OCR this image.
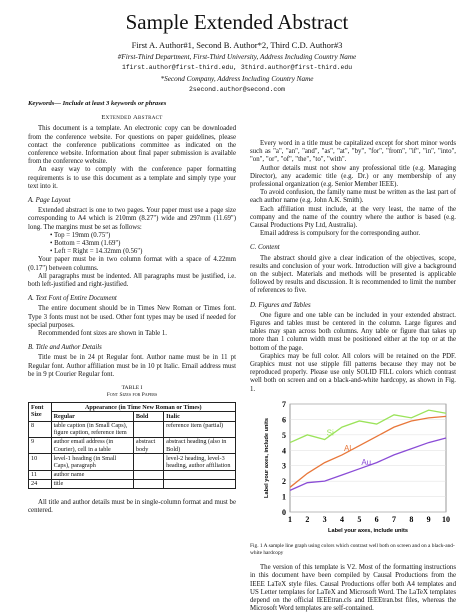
Sample Extended Abstract
First A. Author#1, Second B. Author*2, Third C.D. Author#3
#First-Third Department, First-Third University, Address Including Country Name
1first.author@first-third.edu, 3third.author@first-third.edu
*Second Company, Address Including Country Name
2second.author@second.com

Keywords— Include at least 3 keywords or phrases

Extended Abstract

This document is a template. An electronic copy can be downloaded from the conference website. For questions on paper guidelines, please contact the conference publications committee as indicated on the conference website. Information about final paper submission is available from the conference website.

An easy way to comply with the conference paper formatting requirements is to use this document as a template and simply type your text into it.

A. Page Layout

Extended abstract is one to two pages. Your paper must use a page size corresponding to A4 which is 210mm (8.27") wide and 297mm (11.69") long. The margins must be set as follows:

• Top = 19mm (0.75")
• Bottom = 43mm (1.69")
• Left = Right = 14.32mm (0.56")

Your paper must be in two column format with a space of 4.22mm (0.17") between columns.

All paragraphs must be indented. All paragraphs must be justified, i.e. both left-justified and right-justified.

A. Text Font of Entire Document

The entire document should be in Times New Roman or Times font. Type 3 fonts must not be used. Other font types may be used if needed for special purposes.

Recommended font sizes are shown in Table 1.

B. Title and Author Details

Title must be in 24 pt Regular font. Author name must be in 11 pt Regular font. Author affiliation must be in 10 pt Italic. Email address must be in 9 pt Courier Regular font.

TABLE I
Font Sizes for Papers
Font Size	Appearance (in Time New Roman or Times)		
	Regular	Bold	Italic
8	table caption (in Small Caps), figure caption, reference item		reference item (partial)
9	author email address (in Courier), cell in a table	abstract body	abstract heading (also in Bold)
10	level-1 heading (in Small Caps), paragraph		level-2 heading, level-3 heading, author affiliation
11	author name		
24	title		

All title and author details must be in single-column format and must be centered.

Every word in a title must be capitalized except for short minor words such as "a", "an", "and", "as", "at", "by", "for", "from", "if", "in", "into", "on", "or", "of", "the", "to", "with".

Author details must not show any professional title (e.g. Managing Director), any academic title (e.g. Dr.) or any membership of any professional organization (e.g. Senior Member IEEE).

To avoid confusion, the family name must be written as the last part of each author name (e.g. John A.K. Smith).

Each affiliation must include, at the very least, the name of the company and the name of the country where the author is based (e.g. Causal Productions Pty Ltd, Australia).

Email address is compulsory for the corresponding author.

C. Content

The abstract should give a clear indication of the objectives, scope, results and conclusion of your work. Introduction will give a background on the subject. Materials and methods will be presented is applicable followed by results and discussion. It is recommended to limit the number of references to five.

D. Figures and Tables

One figure and one table can be included in your extended abstract. Figures and tables must be centered in the column. Large figures and tables may span across both columns. Any table or figure that takes up more than 1 column width must be positioned either at the top or at the bottom of the page.

Graphics may be full color. All colors will be retained on the PDF. Graphics must not use stipple fill patterns because they may not be reproduced properly. Please use only SOLID FILL colors which contrast well both on screen and on a black-and-white hardcopy, as shown in Fig. 1.

0
1
2
3
4
5
6
7
1 2 3 4 5 6 7 8 9 10
Label your axes, include units
Label your axes, include units	Si
Al
Au
Fig. 1 A sample line graph using colors which contrast well both on screen and on a black-and-white hardcopy

The version of this template is V2. Most of the formatting instructions in this document have been compiled by Causal Productions from the IEEE LaTeX style files. Causal Productions offer both A4 templates and US Letter templates for LaTeX and Microsoft Word. The LaTeX templates depend on the official IEEEtran.cls and IEEEtran.bst files, whereas the Microsoft Word templates are self-contained.
